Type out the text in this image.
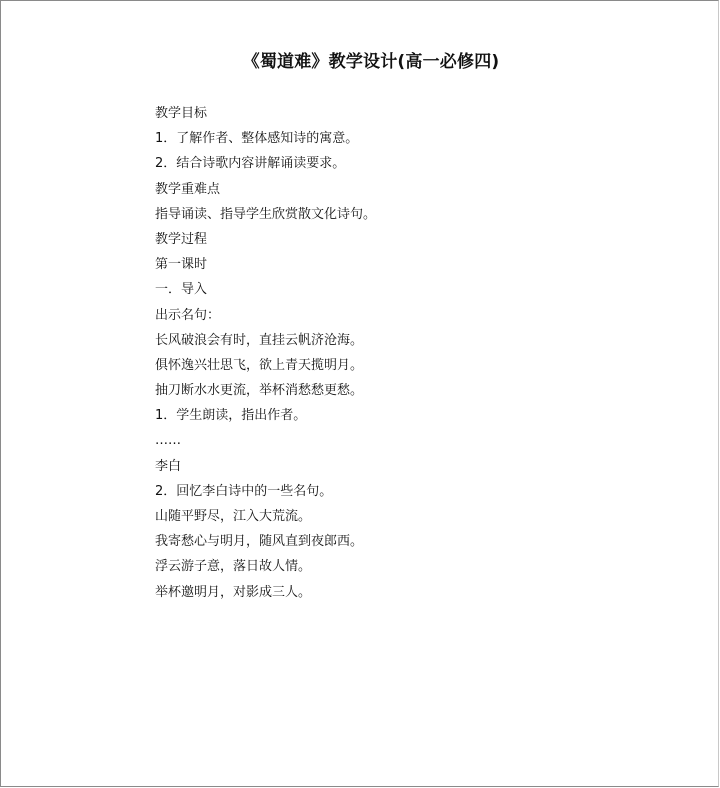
《蜀道难》教学设计(高一必修四)
教学目标
1．了解作者、整体感知诗的寓意。
2．结合诗歌内容讲解诵读要求。
教学重难点
指导诵读、指导学生欣赏散文化诗句。
教学过程
第一课时
一．导入
出示名句：
长风破浪会有时，直挂云帆济沧海。
俱怀逸兴壮思飞，欲上青天揽明月。
抽刀断水水更流，举杯消愁愁更愁。
1．学生朗读，指出作者。
……
李白
2．回忆李白诗中的一些名句。
山随平野尽，江入大荒流。
我寄愁心与明月，随风直到夜郎西。
浮云游子意，落日故人情。
举杯邀明月，对影成三人。
